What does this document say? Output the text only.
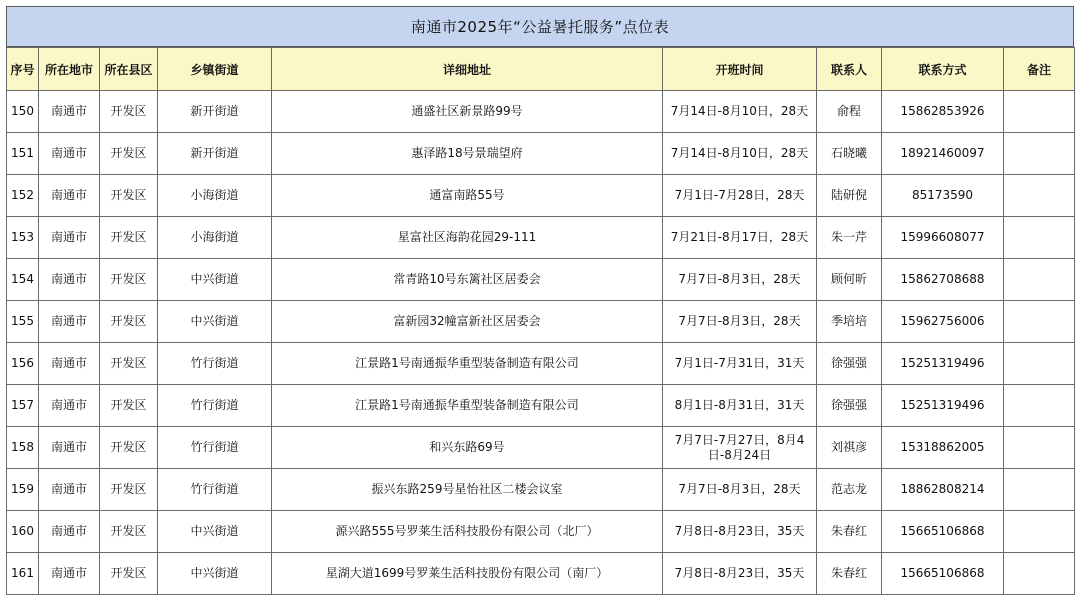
南通市2025年“公益暑托服务”点位表
序号	所在地市	所在县区	乡镇街道	详细地址	开班时间	联系人	联系方式	备注
150	南通市	开发区	新开街道	通盛社区新景路99号	7月14日-8月10日，28天	俞程	15862853926	
151	南通市	开发区	新开街道	惠泽路18号景瑞望府	7月14日-8月10日，28天	石晓曦	18921460097	
152	南通市	开发区	小海街道	通富南路55号	7月1日-7月28日，28天	陆研倪	85173590	
153	南通市	开发区	小海街道	星富社区海韵花园29-111	7月21日-8月17日，28天	朱一芹	15996608077	
154	南通市	开发区	中兴街道	常青路10号东篱社区居委会	7月7日-8月3日，28天	顾何昕	15862708688	
155	南通市	开发区	中兴街道	富新园32幢富新社区居委会	7月7日-8月3日，28天	季培培	15962756006	
156	南通市	开发区	竹行街道	江景路1号南通振华重型装备制造有限公司	7月1日-7月31日，31天	徐强强	15251319496	
157	南通市	开发区	竹行街道	江景路1号南通振华重型装备制造有限公司	8月1日-8月31日，31天	徐强强	15251319496	
158	南通市	开发区	竹行街道	和兴东路69号	7月7日-7月27日，8月4日-8月24日	刘祺彦	15318862005	
159	南通市	开发区	竹行街道	振兴东路259号星怡社区二楼会议室	7月7日-8月3日，28天	范志龙	18862808214	
160	南通市	开发区	中兴街道	源兴路555号罗莱生活科技股份有限公司（北厂）	7月8日-8月23日，35天	朱春红	15665106868	
161	南通市	开发区	中兴街道	星湖大道1699号罗莱生活科技股份有限公司（南厂）	7月8日-8月23日，35天	朱春红	15665106868	
